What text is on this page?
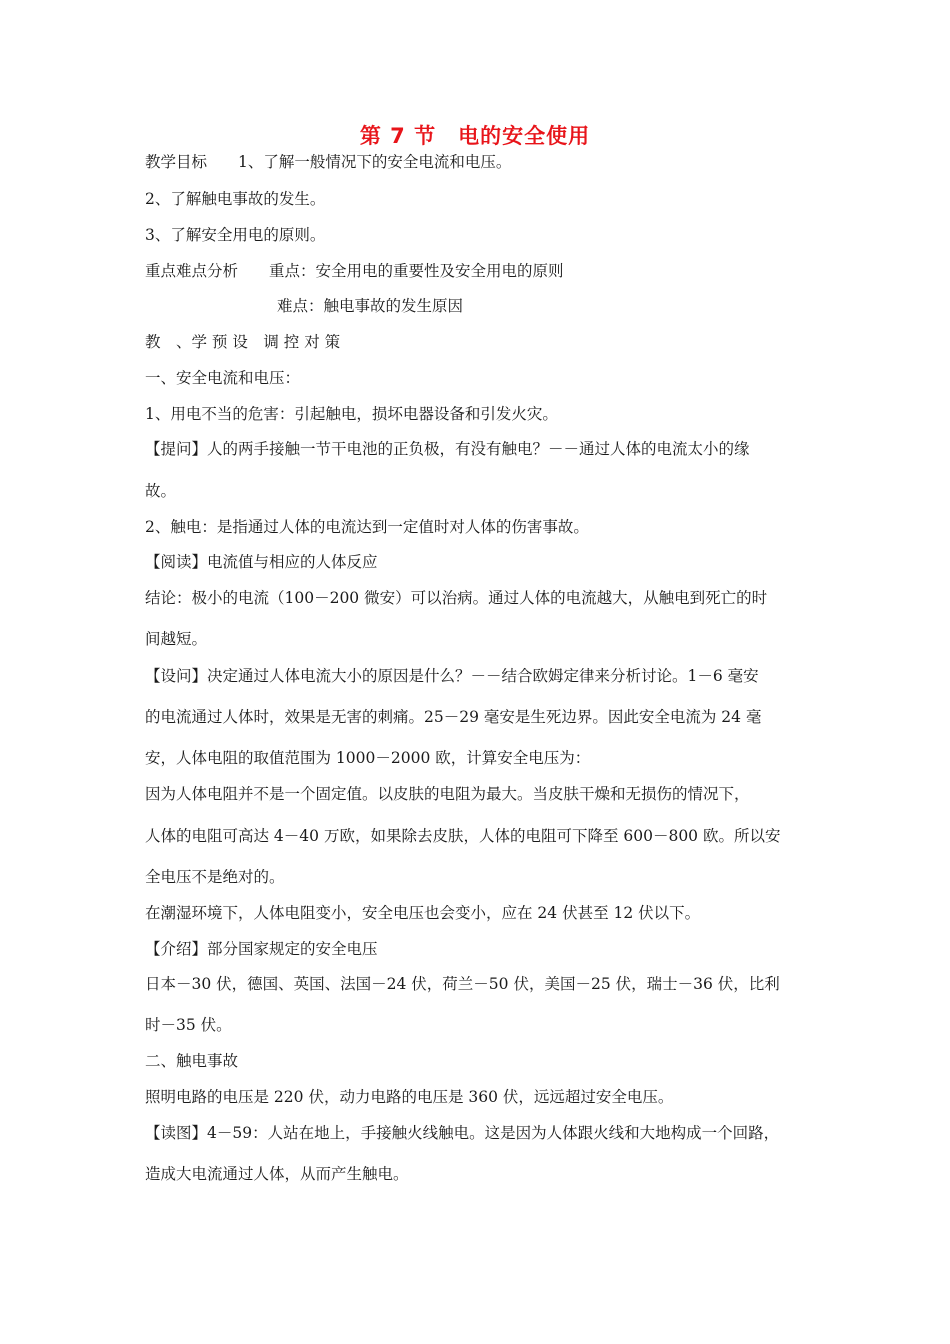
第 7 节　电的安全使用
教学目标　　1、了解一般情况下的安全电流和电压。
2、了解触电事故的发生。
3、了解安全用电的原则。
重点难点分析　　重点：安全用电的重要性及安全用电的原则
难点：触电事故的发生原因
教　、学 预 设　调 控 对 策
一、安全电流和电压：
1、用电不当的危害：引起触电，损坏电器设备和引发火灾。
【提问】人的两手接触一节干电池的正负极，有没有触电？－－通过人体的电流太小的缘
故。
2、触电：是指通过人体的电流达到一定值时对人体的伤害事故。
【阅读】电流值与相应的人体反应
结论：极小的电流（100－200 微安）可以治病。通过人体的电流越大，从触电到死亡的时
间越短。
【设问】决定通过人体电流大小的原因是什么？－－结合欧姆定律来分析讨论。1－6 毫安
的电流通过人体时，效果是无害的刺痛。25－29 毫安是生死边界。因此安全电流为 24 毫
安，人体电阻的取值范围为 1000－2000 欧，计算安全电压为：
因为人体电阻并不是一个固定值。以皮肤的电阻为最大。当皮肤干燥和无损伤的情况下，
人体的电阻可高达 4－40 万欧，如果除去皮肤，人体的电阻可下降至 600－800 欧。所以安
全电压不是绝对的。
在潮湿环境下，人体电阻变小，安全电压也会变小，应在 24 伏甚至 12 伏以下。
【介绍】部分国家规定的安全电压
日本－30 伏，德国、英国、法国－24 伏，荷兰－50 伏，美国－25 伏，瑞士－36 伏，比利
时－35 伏。
二、触电事故
照明电路的电压是 220 伏，动力电路的电压是 360 伏，远远超过安全电压。
【读图】4－59：人站在地上，手接触火线触电。这是因为人体跟火线和大地构成一个回路，
造成大电流通过人体，从而产生触电。
